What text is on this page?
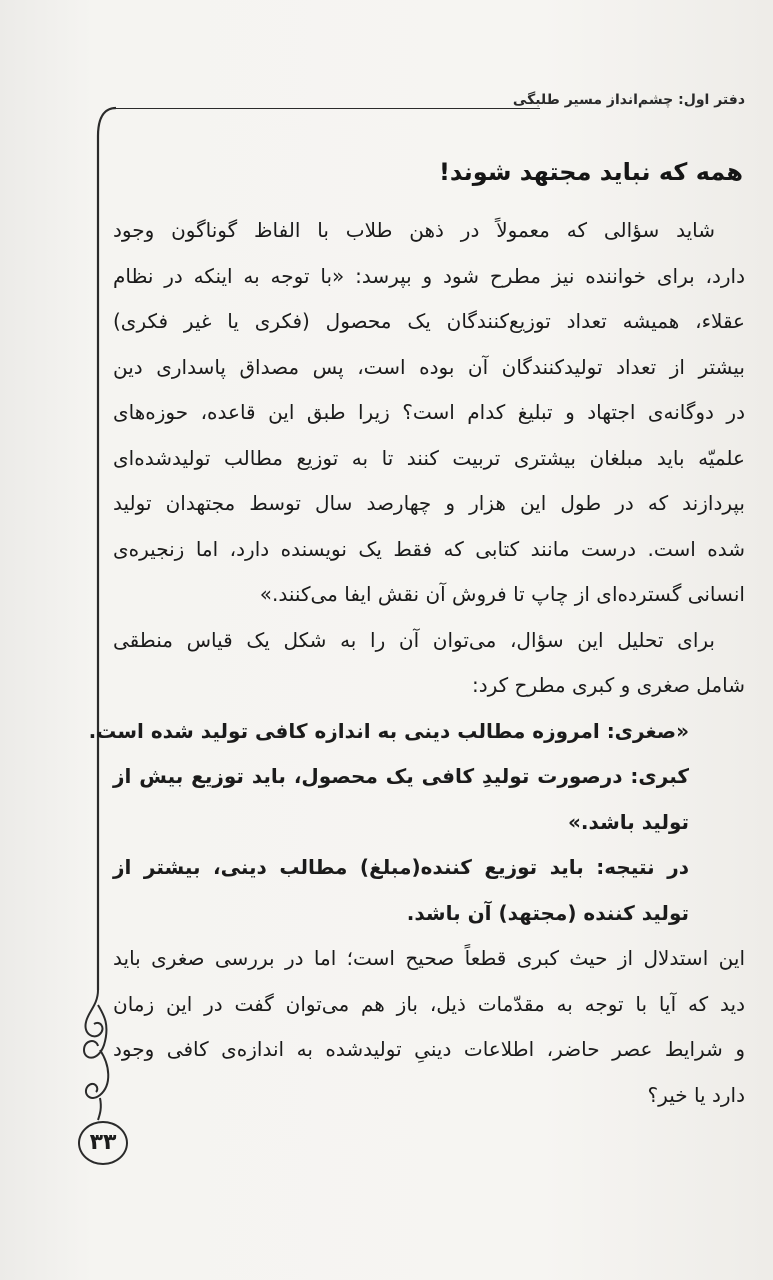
دفتر اول: چشم‌انداز مسیر طلبگی
همه که نباید مجتهد شوند!
شاید سؤالی که معمولاً در ذهن طلاب با الفاظ گوناگون وجود
دارد، برای خواننده نیز مطرح شود و بپرسد: «با توجه به اینکه در نظام
عقلاء، همیشه تعداد توزیع‌کنندگان یک محصول (فکری یا غیر فکری)
بیشتر از تعداد تولیدکنندگان آن بوده است، پس مصداق پاسداری دین
در دوگانه‌ی اجتهاد و تبلیغ کدام است؟ زیرا طبق این قاعده، حوزه‌های
علمیّه باید مبلغان بیشتری تربیت کنند تا به توزیع مطالب تولیدشده‌ای
بپردازند که در طول این هزار و چهارصد سال توسط مجتهدان تولید
شده است. درست مانند کتابی که فقط یک نویسنده دارد، اما زنجیره‌ی
انسانی گسترده‌ای از چاپ تا فروش آن نقش ایفا می‌کنند.»
برای تحلیل این سؤال، می‌توان آن را به شکل یک قیاس منطقی
شامل صغری و کبری مطرح کرد:
«صغری: امروزه مطالب دینی به اندازه کافی تولید شده است.
کبری: درصورت تولیدِ کافی یک محصول، باید توزیع بیش از
تولید باشد.»
در نتیجه: باید توزیع کننده(مبلغ) مطالب دینی، بیشتر از
تولید کننده (مجتهد) آن باشد.
این استدلال از حیث کبری قطعاً صحیح است؛ اما در بررسی صغری باید
دید که آیا با توجه به مقدّمات ذیل، باز هم می‌توان گفت در این زمان
و شرایط عصر حاضر، اطلاعات دینیِ تولیدشده به اندازه‌ی کافی وجود
دارد یا خیر؟
۳۳
